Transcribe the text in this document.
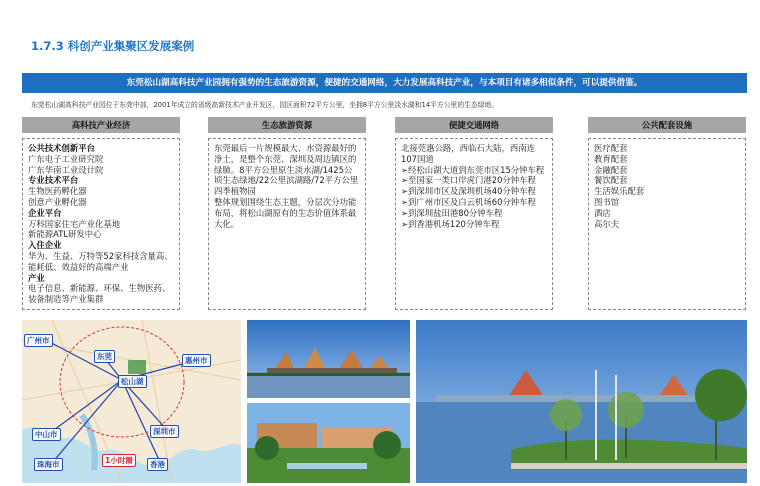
1.7.3 科创产业集聚区发展案例
东莞松山湖高科技产业园拥有强势的生态旅游资源，便捷的交通网络，大力发展高科技产业，与本项目有诸多相似条件，可以提供借鉴。
东莞松山湖高科技产业园位于东莞中部，2001年成立的省级高新技术产业开发区，园区面积72平方公里，坐拥8平方公里淡水湖和14平方公里的生态绿地。
高科技产业经济
公共技术创新平台
广东电子工业研究院
广东华南工业设计院
专业技术平台
生物医药孵化器
创意产业孵化器
企业平台
万科国家住宅产业化基地
新能源ATL研发中心
入住企业
华为、生益、万特等52家科技含量高、能耗低、效益好的高端产业
产业
电子信息、新能源、环保、生物医药、装备制造等产业集群
生态旅游资源
东莞最后一片规模最大、水资源最好的净土，是整个东莞、深圳及周边镇区的绿肺。8平方公里原生淡水湖/1425公顷生态绿地/22公里滨湖路/72平方公里四季植物园
整体规划围绕生态主题，分层次分功能布局，将松山湖原有的生态价值体系最大化。
便捷交通网络
北接莞惠公路，西临石大陆，西南连107国道
➢经松山湖大道到东莞市区15分钟车程
➢至国家一类口岸虎门港20分钟车程
➢到深圳市区及深圳机场40分钟车程
➢到广州市区及白云机场60分钟车程
➢到深圳盐田港80分钟车程
➢到香港机场120分钟车程
公共配套设施
医疗配套
教育配套
金融配套
餐饮配套
生活娱乐配套
图书馆
酒店
高尔夫
广州市
东莞	惠州市
松山湖
深圳市
中山市
珠海市	香港
1小时圈
